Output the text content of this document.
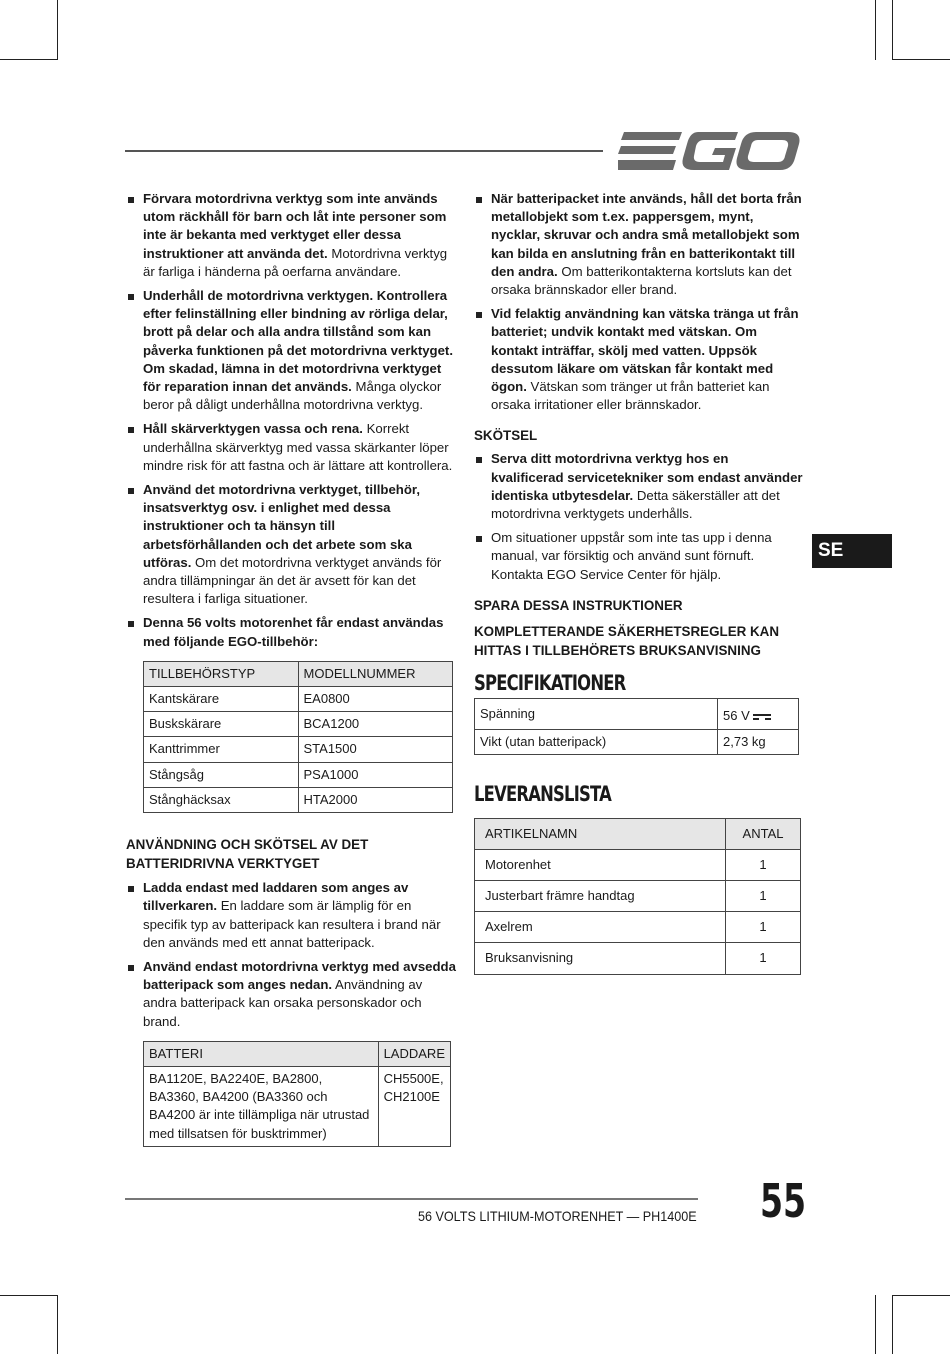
Förvara motordrivna verktyg som inte används utom räckhåll för barn och låt inte personer som inte är bekanta med verktyget eller dessa instruktioner att använda det. Motordrivna verktyg är farliga i händerna på oerfarna användare.
Underhåll de motordrivna verktygen. Kontrollera efter felinställning eller bindning av rörliga delar, brott på delar och alla andra tillstånd som kan påverka funktionen på det motordrivna verktyget. Om skadad, lämna in det motordrivna verktyget för reparation innan det används. Många olyckor beror på dåligt underhållna motordrivna verktyg.
Håll skärverktygen vassa och rena. Korrekt underhållna skärverktyg med vassa skärkanter löper mindre risk för att fastna och är lättare att kontrollera.
Använd det motordrivna verktyget, tillbehör, insatsverktyg osv. i enlighet med dessa instruktioner och ta hänsyn till arbetsförhållanden och det arbete som ska utföras. Om det motordrivna verktyget används för andra tillämpningar än det är avsett för kan det resultera i farliga situationer.
Denna 56 volts motorenhet får endast användas med följande EGO-tillbehör:
TILLBEHÖRSTYP	MODELLNUMMER
Kantskärare	EA0800
Buskskärare	BCA1200
Kanttrimmer	STA1500
Stångsåg	PSA1000
Stånghäcksax	HTA2000

ANVÄNDNING OCH SKÖTSEL AV DET
BATTERIDRIVNA VERKTYGET

Ladda endast med laddaren som anges av tillverkaren. En laddare som är lämplig för en specifik typ av batteripack kan resultera i brand när den används med ett annat batteripack.
Använd endast motordrivna verktyg med avsedda batteripack som anges nedan. Användning av andra batteripack kan orsaka personskador och brand.
BATTERI	LADDARE
BA1120E, BA2240E, BA2800, BA3360, BA4200 (BA3360 och BA4200 är inte tillämpliga när utrustad med tillsatsen för busktrimmer)	CH5500E, CH2100E
När batteripacket inte används, håll det borta från metallobjekt som t.ex. pappersgem, mynt, nycklar, skruvar och andra små metallobjekt som kan bilda en anslutning från en batterikontakt till den andra. Om batterikontakterna kortsluts kan det orsaka brännskador eller brand.
Vid felaktig användning kan vätska tränga ut från batteriet; undvik kontakt med vätskan. Om kontakt inträffar, skölj med vatten. Uppsök dessutom läkare om vätskan får kontakt med ögon. Vätskan som tränger ut från batteriet kan orsaka irritationer eller brännskador.

SKÖTSEL

Serva ditt motordrivna verktyg hos en kvalificerad servicetekniker som endast använder identiska utbytesdelar. Detta säkerställer att det motordrivna verktygets underhålls.
Om situationer uppstår som inte tas upp i denna manual, var försiktig och använd sunt förnuft. Kontakta EGO Service Center för hjälp.

SPARA DESSA INSTRUKTIONER

KOMPLETTERANDE SÄKERHETSREGLER KAN
HITTAS I TILLBEHÖRETS BRUKSANVISNING

SPECIFIKATIONER

Spänning	56 V
Vikt (utan batteripack)	2,73 kg

LEVERANSLISTA

ARTIKELNAMN	ANTAL
Motorenhet	1
Justerbart främre handtag	1
Axelrem	1
Bruksanvisning	1
SE
56 VOLTS LITHIUM-MOTORENHET — PH1400E 55
